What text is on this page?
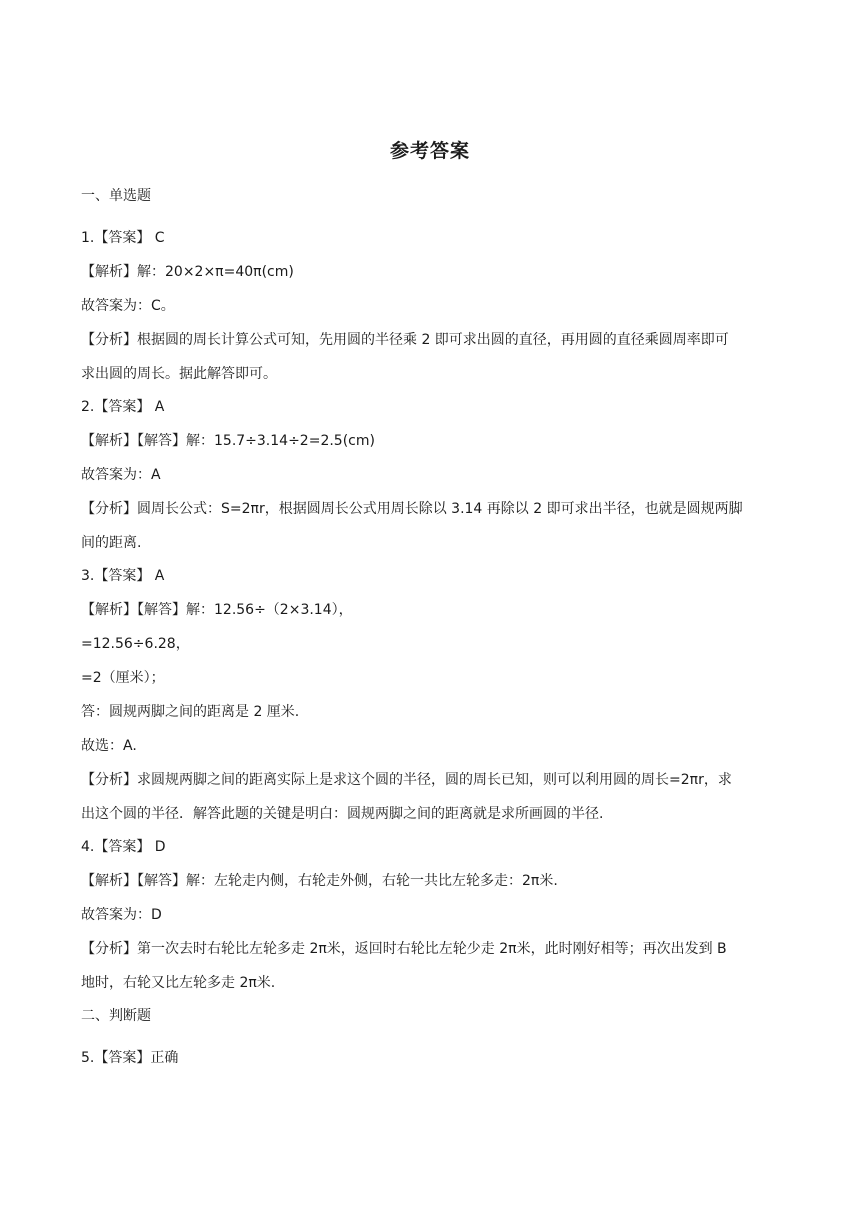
参考答案
一、单选题
1.【答案】 C
【解析】解：20×2×π=40π(cm)
故答案为：C。
【分析】根据圆的周长计算公式可知，先用圆的半径乘 2 即可求出圆的直径，再用圆的直径乘圆周率即可
求出圆的周长。据此解答即可。
2.【答案】 A
【解析】【解答】解：15.7÷3.14÷2=2.5(cm)
故答案为：A
【分析】圆周长公式：S=2πr，根据圆周长公式用周长除以 3.14 再除以 2 即可求出半径，也就是圆规两脚
间的距离.
3.【答案】 A
【解析】【解答】解：12.56÷（2×3.14），
=12.56÷6.28，
=2（厘米）；
答：圆规两脚之间的距离是 2 厘米.
故选：A.
【分析】求圆规两脚之间的距离实际上是求这个圆的半径，圆的周长已知，则可以利用圆的周长=2πr，求
出这个圆的半径．解答此题的关键是明白：圆规两脚之间的距离就是求所画圆的半径.
4.【答案】 D
【解析】【解答】解：左轮走内侧，右轮走外侧，右轮一共比左轮多走：2π米.
故答案为：D
【分析】第一次去时右轮比左轮多走 2π米，返回时右轮比左轮少走 2π米，此时刚好相等；再次出发到 B
地时，右轮又比左轮多走 2π米.
二、判断题
5.【答案】正确
